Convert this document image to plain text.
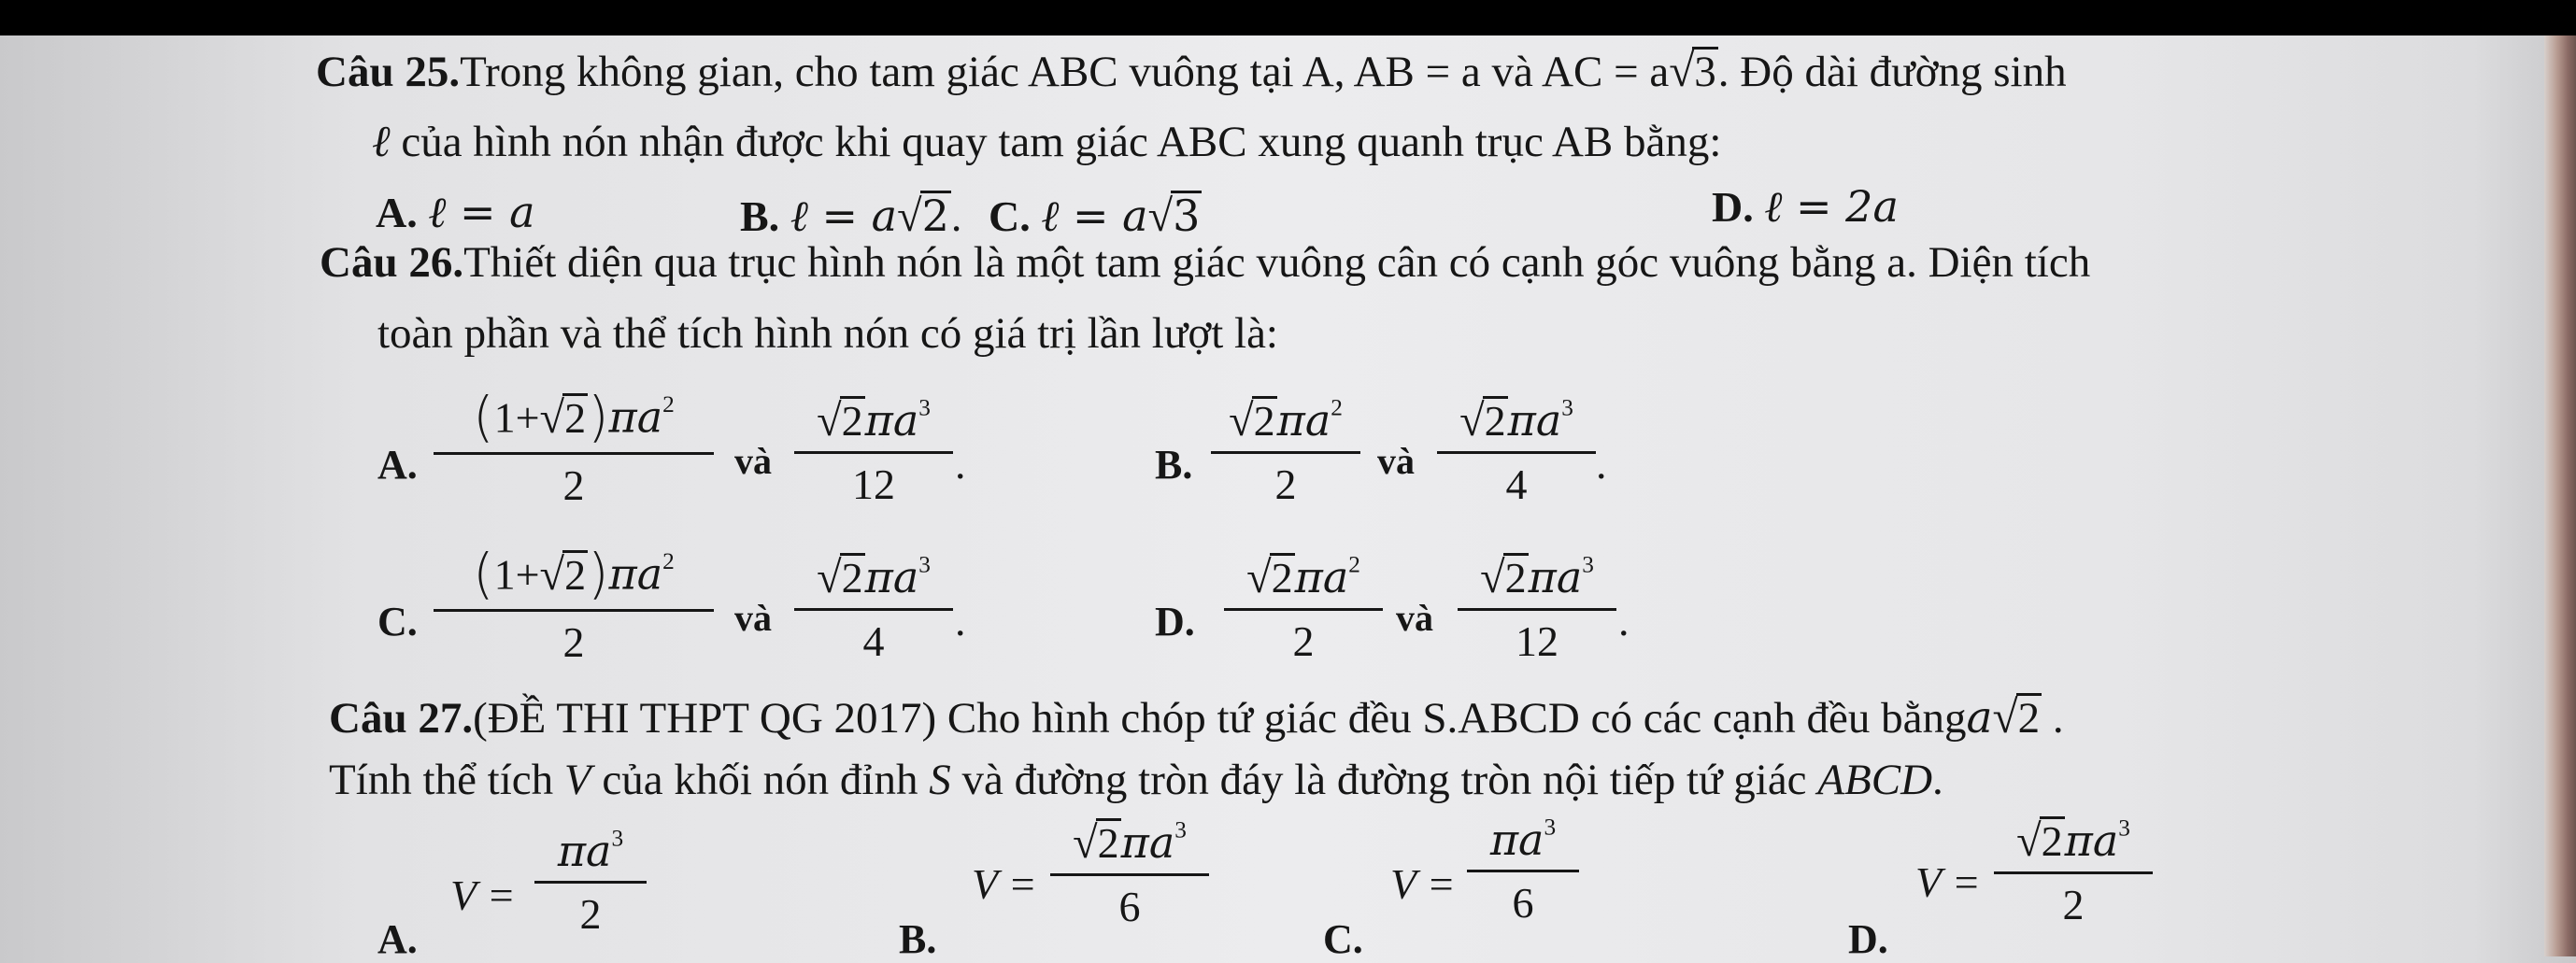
Câu 25.Trong không gian, cho tam giác ABC vuông tại A, AB = a và AC = a√3. Độ dài đường sinh
ℓ của hình nón nhận được khi quay tam giác ABC xung quanh trục AB bằng:
A. ℓ = a	B. ℓ = a√2. C. ℓ = a√3	D. ℓ = 2a
Câu 26.Thiết diện qua trục hình nón là một tam giác vuông cân có cạnh góc vuông bằng a. Diện tích
toàn phần và thể tích hình nón có giá trị lần lượt là:
A. $\frac{(1+√2)\pi a^2}{2}$ và $\frac{√2\pi a^3}{12}$ .	B. $\frac{√2\pi a^2}{2}$ và $\frac{√2\pi a^3}{4}$ .
C. $\frac{(1+√2)\pi a^2}{2}$ và $\frac{√2\pi a^3}{4}$ .	D. $\frac{√2\pi a^2}{2}$ và $\frac{√2\pi a^3}{12}$ .
Câu 27.(ĐỀ THI THPT QG 2017) Cho hình chóp tứ giác đều S.ABCD có các cạnh đều bằnga√2 .
Tính thể tích V của khối nón đỉnh S và đường tròn đáy là đường tròn nội tiếp tứ giác ABCD.
A.
$V = \frac{\pi a^3}{2}$
B.
$V = \frac{√2\pi a^3}{6}$
C.
$V = \frac{\pi a^3}{6}$
D.
$V = \frac{√2\pi a^3}{2}$
